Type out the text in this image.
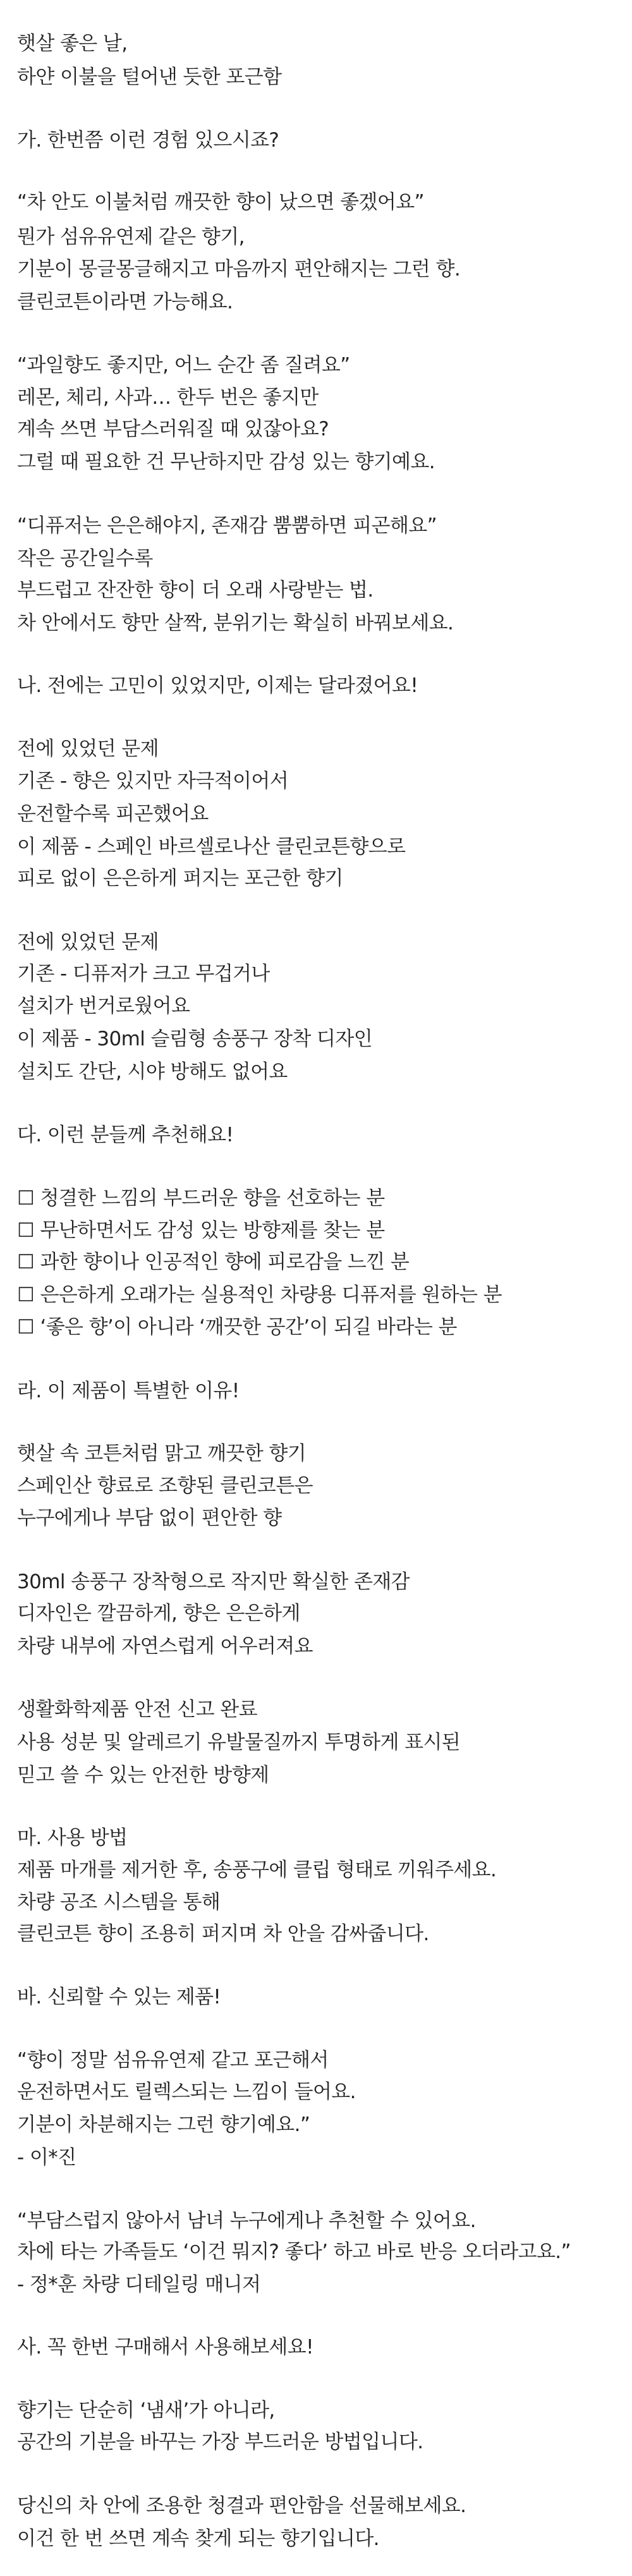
햇살 좋은 날,
하얀 이불을 털어낸 듯한 포근함
가. 한번쯤 이런 경험 있으시죠?
“차 안도 이불처럼 깨끗한 향이 났으면 좋겠어요”
뭔가 섬유유연제 같은 향기,
기분이 몽글몽글해지고 마음까지 편안해지는 그런 향.
클린코튼이라면 가능해요.
“과일향도 좋지만, 어느 순간 좀 질려요”
레몬, 체리, 사과… 한두 번은 좋지만
계속 쓰면 부담스러워질 때 있잖아요?
그럴 때 필요한 건 무난하지만 감성 있는 향기예요.
“디퓨저는 은은해야지, 존재감 뿜뿜하면 피곤해요”
작은 공간일수록
부드럽고 잔잔한 향이 더 오래 사랑받는 법.
차 안에서도 향만 살짝, 분위기는 확실히 바꿔보세요.
나. 전에는 고민이 있었지만, 이제는 달라졌어요!
전에 있었던 문제
기존 - 향은 있지만 자극적이어서
운전할수록 피곤했어요
이 제품 - 스페인 바르셀로나산 클린코튼향으로
피로 없이 은은하게 퍼지는 포근한 향기
전에 있었던 문제
기존 - 디퓨저가 크고 무겁거나
설치가 번거로웠어요
이 제품 - 30ml 슬림형 송풍구 장착 디자인
설치도 간단, 시야 방해도 없어요
다. 이런 분들께 추천해요!
☐ 청결한 느낌의 부드러운 향을 선호하는 분
☐ 무난하면서도 감성 있는 방향제를 찾는 분
☐ 과한 향이나 인공적인 향에 피로감을 느낀 분
☐ 은은하게 오래가는 실용적인 차량용 디퓨저를 원하는 분
☐ ‘좋은 향’이 아니라 ‘깨끗한 공간’이 되길 바라는 분
라. 이 제품이 특별한 이유!
햇살 속 코튼처럼 맑고 깨끗한 향기
스페인산 향료로 조향된 클린코튼은
누구에게나 부담 없이 편안한 향
30ml 송풍구 장착형으로 작지만 확실한 존재감
디자인은 깔끔하게, 향은 은은하게
차량 내부에 자연스럽게 어우러져요
생활화학제품 안전 신고 완료
사용 성분 및 알레르기 유발물질까지 투명하게 표시된
믿고 쓸 수 있는 안전한 방향제
마. 사용 방법
제품 마개를 제거한 후, 송풍구에 클립 형태로 끼워주세요.
차량 공조 시스템을 통해
클린코튼 향이 조용히 퍼지며 차 안을 감싸줍니다.
바. 신뢰할 수 있는 제품!
“향이 정말 섬유유연제 같고 포근해서
운전하면서도 릴렉스되는 느낌이 들어요.
기분이 차분해지는 그런 향기예요.”
- 이*진
“부담스럽지 않아서 남녀 누구에게나 추천할 수 있어요.
차에 타는 가족들도 ‘이건 뭐지? 좋다’ 하고 바로 반응 오더라고요.”
- 정*훈 차량 디테일링 매니저
사. 꼭 한번 구매해서 사용해보세요!
향기는 단순히 ‘냄새’가 아니라,
공간의 기분을 바꾸는 가장 부드러운 방법입니다.
당신의 차 안에 조용한 청결과 편안함을 선물해보세요.
이건 한 번 쓰면 계속 찾게 되는 향기입니다.
